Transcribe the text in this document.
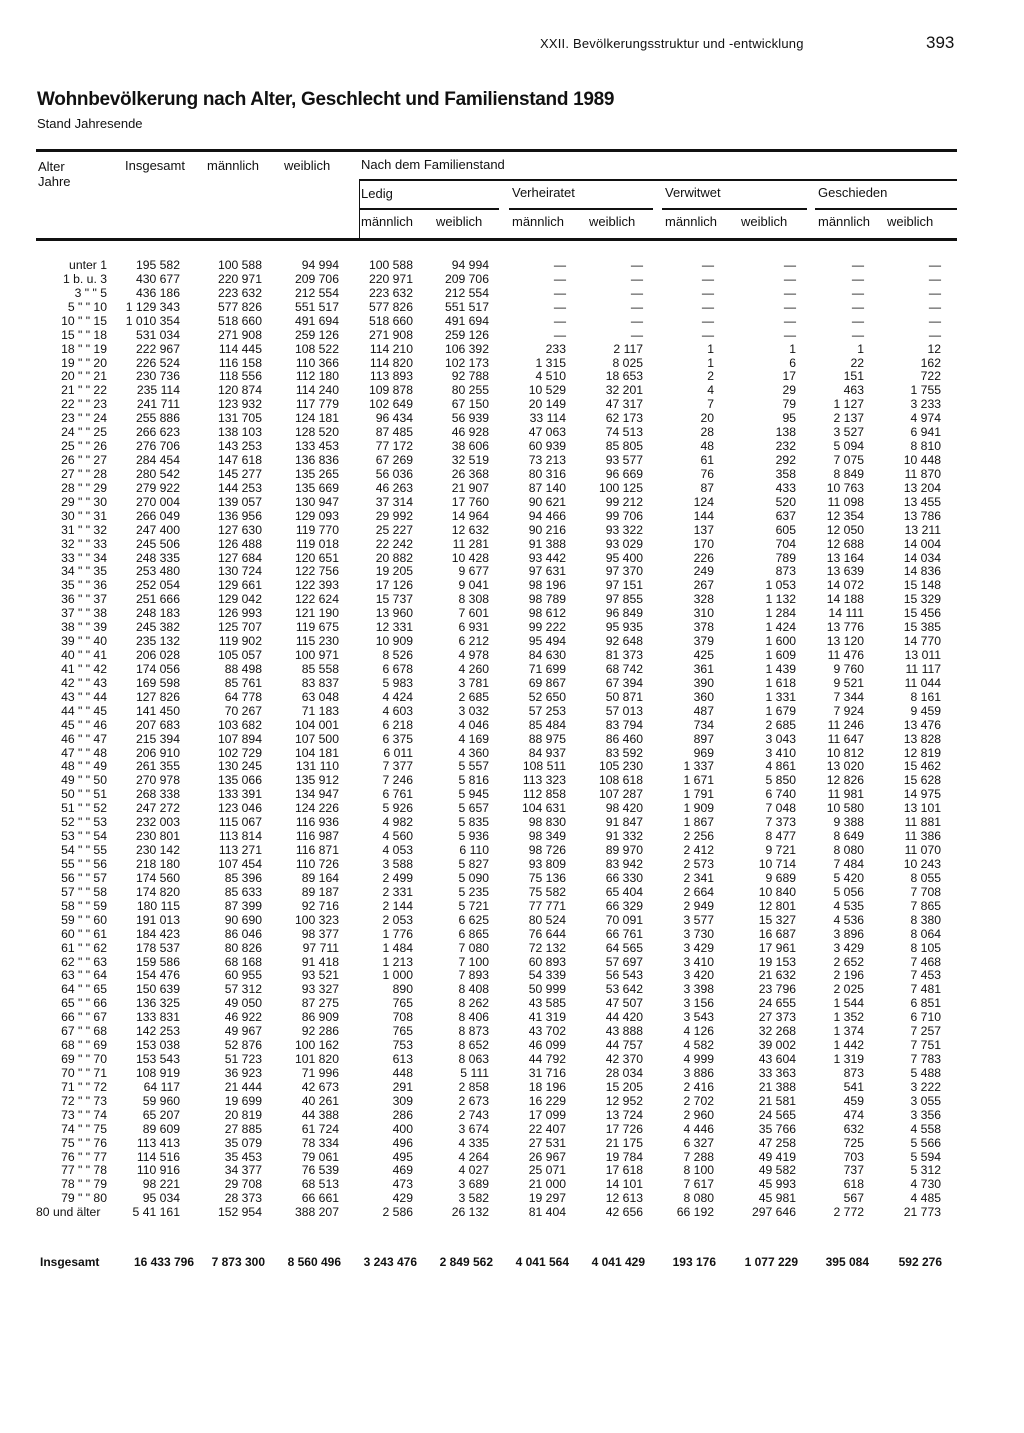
XXII. Bevölkerungsstruktur und -entwicklung	393
Wohnbevölkerung nach Alter, Geschlecht und Familienstand 1989
Stand Jahresende
Alter
Jahre
Insgesamt männlich weiblich Nach dem Familienstand
Ledig	Verheiratet	Verwitwet	Geschieden
männlich weiblich männlich weiblich männlich weiblich männlich weiblich
unter 1	195 582	100 588	94 994	100 588	94 994	—	—	—	—	—	—
1 b. u. 3	430 677	220 971	209 706	220 971	209 706	—	—	—	—	—	—
3 " " 5	436 186	223 632	212 554	223 632	212 554	—	—	—	—	—	—
5 " " 10	1 129 343	577 826	551 517	577 826	551 517	—	—	—	—	—	—
10 " " 15	1 010 354	518 660	491 694	518 660	491 694	—	—	—	—	—	—
15 " " 18	531 034	271 908	259 126	271 908	259 126	—	—	—	—	—	—
18 " " 19	222 967	114 445	108 522	114 210	106 392	233	2 117	1	1	1	12
19 " " 20	226 524	116 158	110 366	114 820	102 173	1 315	8 025	1	6	22	162
20 " " 21	230 736	118 556	112 180	113 893	92 788	4 510	18 653	2	17	151	722
21 " " 22	235 114	120 874	114 240	109 878	80 255	10 529	32 201	4	29	463	1 755
22 " " 23	241 711	123 932	117 779	102 649	67 150	20 149	47 317	7	79	1 127	3 233
23 " " 24	255 886	131 705	124 181	96 434	56 939	33 114	62 173	20	95	2 137	4 974
24 " " 25	266 623	138 103	128 520	87 485	46 928	47 063	74 513	28	138	3 527	6 941
25 " " 26	276 706	143 253	133 453	77 172	38 606	60 939	85 805	48	232	5 094	8 810
26 " " 27	284 454	147 618	136 836	67 269	32 519	73 213	93 577	61	292	7 075	10 448
27 " " 28	280 542	145 277	135 265	56 036	26 368	80 316	96 669	76	358	8 849	11 870
28 " " 29	279 922	144 253	135 669	46 263	21 907	87 140	100 125	87	433	10 763	13 204
29 " " 30	270 004	139 057	130 947	37 314	17 760	90 621	99 212	124	520	11 098	13 455
30 " " 31	266 049	136 956	129 093	29 992	14 964	94 466	99 706	144	637	12 354	13 786
31 " " 32	247 400	127 630	119 770	25 227	12 632	90 216	93 322	137	605	12 050	13 211
32 " " 33	245 506	126 488	119 018	22 242	11 281	91 388	93 029	170	704	12 688	14 004
33 " " 34	248 335	127 684	120 651	20 882	10 428	93 442	95 400	226	789	13 164	14 034
34 " " 35	253 480	130 724	122 756	19 205	9 677	97 631	97 370	249	873	13 639	14 836
35 " " 36	252 054	129 661	122 393	17 126	9 041	98 196	97 151	267	1 053	14 072	15 148
36 " " 37	251 666	129 042	122 624	15 737	8 308	98 789	97 855	328	1 132	14 188	15 329
37 " " 38	248 183	126 993	121 190	13 960	7 601	98 612	96 849	310	1 284	14 111	15 456
38 " " 39	245 382	125 707	119 675	12 331	6 931	99 222	95 935	378	1 424	13 776	15 385
39 " " 40	235 132	119 902	115 230	10 909	6 212	95 494	92 648	379	1 600	13 120	14 770
40 " " 41	206 028	105 057	100 971	8 526	4 978	84 630	81 373	425	1 609	11 476	13 011
41 " " 42	174 056	88 498	85 558	6 678	4 260	71 699	68 742	361	1 439	9 760	11 117
42 " " 43	169 598	85 761	83 837	5 983	3 781	69 867	67 394	390	1 618	9 521	11 044
43 " " 44	127 826	64 778	63 048	4 424	2 685	52 650	50 871	360	1 331	7 344	8 161
44 " " 45	141 450	70 267	71 183	4 603	3 032	57 253	57 013	487	1 679	7 924	9 459
45 " " 46	207 683	103 682	104 001	6 218	4 046	85 484	83 794	734	2 685	11 246	13 476
46 " " 47	215 394	107 894	107 500	6 375	4 169	88 975	86 460	897	3 043	11 647	13 828
47 " " 48	206 910	102 729	104 181	6 011	4 360	84 937	83 592	969	3 410	10 812	12 819
48 " " 49	261 355	130 245	131 110	7 377	5 557	108 511	105 230	1 337	4 861	13 020	15 462
49 " " 50	270 978	135 066	135 912	7 246	5 816	113 323	108 618	1 671	5 850	12 826	15 628
50 " " 51	268 338	133 391	134 947	6 761	5 945	112 858	107 287	1 791	6 740	11 981	14 975
51 " " 52	247 272	123 046	124 226	5 926	5 657	104 631	98 420	1 909	7 048	10 580	13 101
52 " " 53	232 003	115 067	116 936	4 982	5 835	98 830	91 847	1 867	7 373	9 388	11 881
53 " " 54	230 801	113 814	116 987	4 560	5 936	98 349	91 332	2 256	8 477	8 649	11 386
54 " " 55	230 142	113 271	116 871	4 053	6 110	98 726	89 970	2 412	9 721	8 080	11 070
55 " " 56	218 180	107 454	110 726	3 588	5 827	93 809	83 942	2 573	10 714	7 484	10 243
56 " " 57	174 560	85 396	89 164	2 499	5 090	75 136	66 330	2 341	9 689	5 420	8 055
57 " " 58	174 820	85 633	89 187	2 331	5 235	75 582	65 404	2 664	10 840	5 056	7 708
58 " " 59	180 115	87 399	92 716	2 144	5 721	77 771	66 329	2 949	12 801	4 535	7 865
59 " " 60	191 013	90 690	100 323	2 053	6 625	80 524	70 091	3 577	15 327	4 536	8 380
60 " " 61	184 423	86 046	98 377	1 776	6 865	76 644	66 761	3 730	16 687	3 896	8 064
61 " " 62	178 537	80 826	97 711	1 484	7 080	72 132	64 565	3 429	17 961	3 429	8 105
62 " " 63	159 586	68 168	91 418	1 213	7 100	60 893	57 697	3 410	19 153	2 652	7 468
63 " " 64	154 476	60 955	93 521	1 000	7 893	54 339	56 543	3 420	21 632	2 196	7 453
64 " " 65	150 639	57 312	93 327	890	8 408	50 999	53 642	3 398	23 796	2 025	7 481
65 " " 66	136 325	49 050	87 275	765	8 262	43 585	47 507	3 156	24 655	1 544	6 851
66 " " 67	133 831	46 922	86 909	708	8 406	41 319	44 420	3 543	27 373	1 352	6 710
67 " " 68	142 253	49 967	92 286	765	8 873	43 702	43 888	4 126	32 268	1 374	7 257
68 " " 69	153 038	52 876	100 162	753	8 652	46 099	44 757	4 582	39 002	1 442	7 751
69 " " 70	153 543	51 723	101 820	613	8 063	44 792	42 370	4 999	43 604	1 319	7 783
70 " " 71	108 919	36 923	71 996	448	5 111	31 716	28 034	3 886	33 363	873	5 488
71 " " 72	64 117	21 444	42 673	291	2 858	18 196	15 205	2 416	21 388	541	3 222
72 " " 73	59 960	19 699	40 261	309	2 673	16 229	12 952	2 702	21 581	459	3 055
73 " " 74	65 207	20 819	44 388	286	2 743	17 099	13 724	2 960	24 565	474	3 356
74 " " 75	89 609	27 885	61 724	400	3 674	22 407	17 726	4 446	35 766	632	4 558
75 " " 76	113 413	35 079	78 334	496	4 335	27 531	21 175	6 327	47 258	725	5 566
76 " " 77	114 516	35 453	79 061	495	4 264	26 967	19 784	7 288	49 419	703	5 594
77 " " 78	110 916	34 377	76 539	469	4 027	25 071	17 618	8 100	49 582	737	5 312
78 " " 79	98 221	29 708	68 513	473	3 689	21 000	14 101	7 617	45 993	618	4 730
79 " " 80	95 034	28 373	66 661	429	3 582	19 297	12 613	8 080	45 981	567	4 485
80 und älter	5 41 161	152 954	388 207	2 586	26 132	81 404	42 656	66 192	297 646	2 772	21 773
Insgesamt	16 433 796	7 873 300	8 560 496	3 243 476	2 849 562	4 041 564	4 041 429	193 176	1 077 229	395 084	592 276
